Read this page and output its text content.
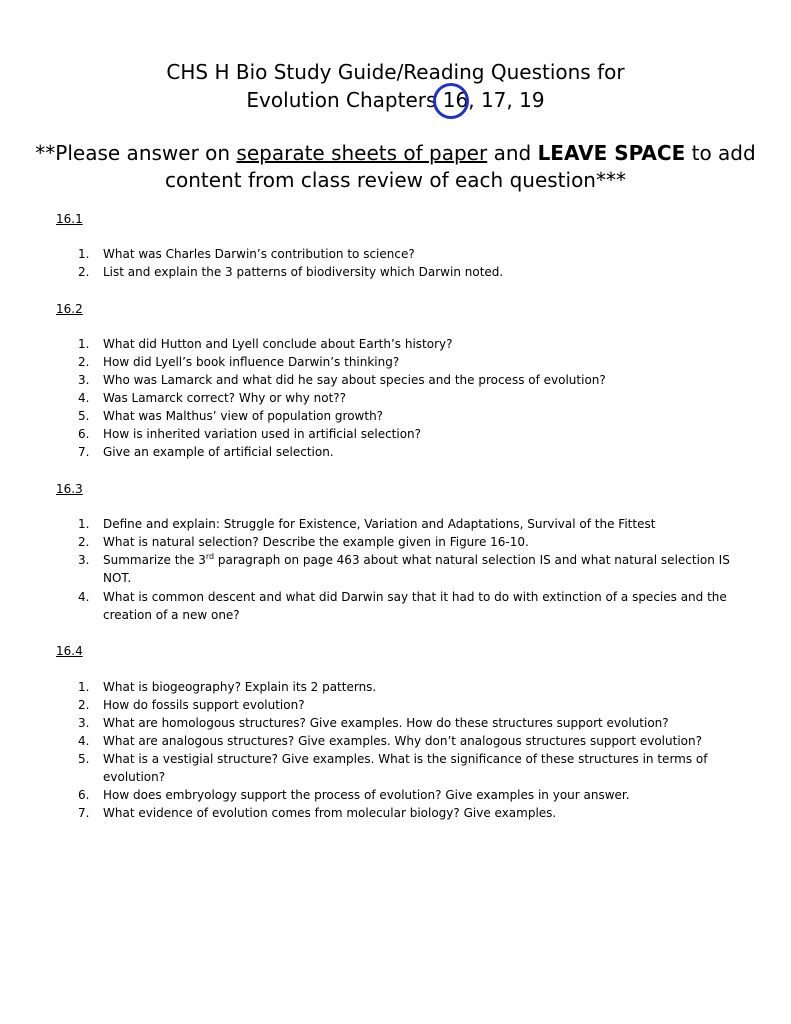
CHS H Bio Study Guide/Reading Questions for
Evolution Chapters 16, 17, 19
**Please answer on separate sheets of paper and LEAVE SPACE to add
content from class review of each question***
16.1
1.	What was Charles Darwin’s contribution to science?
2.	List and explain the 3 patterns of biodiversity which Darwin noted.
16.2
1.	What did Hutton and Lyell conclude about Earth’s history?
2.	How did Lyell’s book influence Darwin’s thinking?
3.	Who was Lamarck and what did he say about species and the process of evolution?
4.	Was Lamarck correct? Why or why not??
5.	What was Malthus’ view of population growth?
6.	How is inherited variation used in artificial selection?
7.	Give an example of artificial selection.
16.3
1.	Define and explain: Struggle for Existence, Variation and Adaptations, Survival of the Fittest
2.	What is natural selection? Describe the example given in Figure 16-10.
3.	Summarize the 3rd paragraph on page 463 about what natural selection IS and what natural selection IS NOT.
4.	What is common descent and what did Darwin say that it had to do with extinction of a species and the creation of a new one?
16.4
1.	What is biogeography? Explain its 2 patterns.
2.	How do fossils support evolution?
3.	What are homologous structures? Give examples. How do these structures support evolution?
4.	What are analogous structures? Give examples. Why don’t analogous structures support evolution?
5.	What is a vestigial structure? Give examples. What is the significance of these structures in terms of evolution?
6.	How does embryology support the process of evolution? Give examples in your answer.
7.	What evidence of evolution comes from molecular biology? Give examples.
